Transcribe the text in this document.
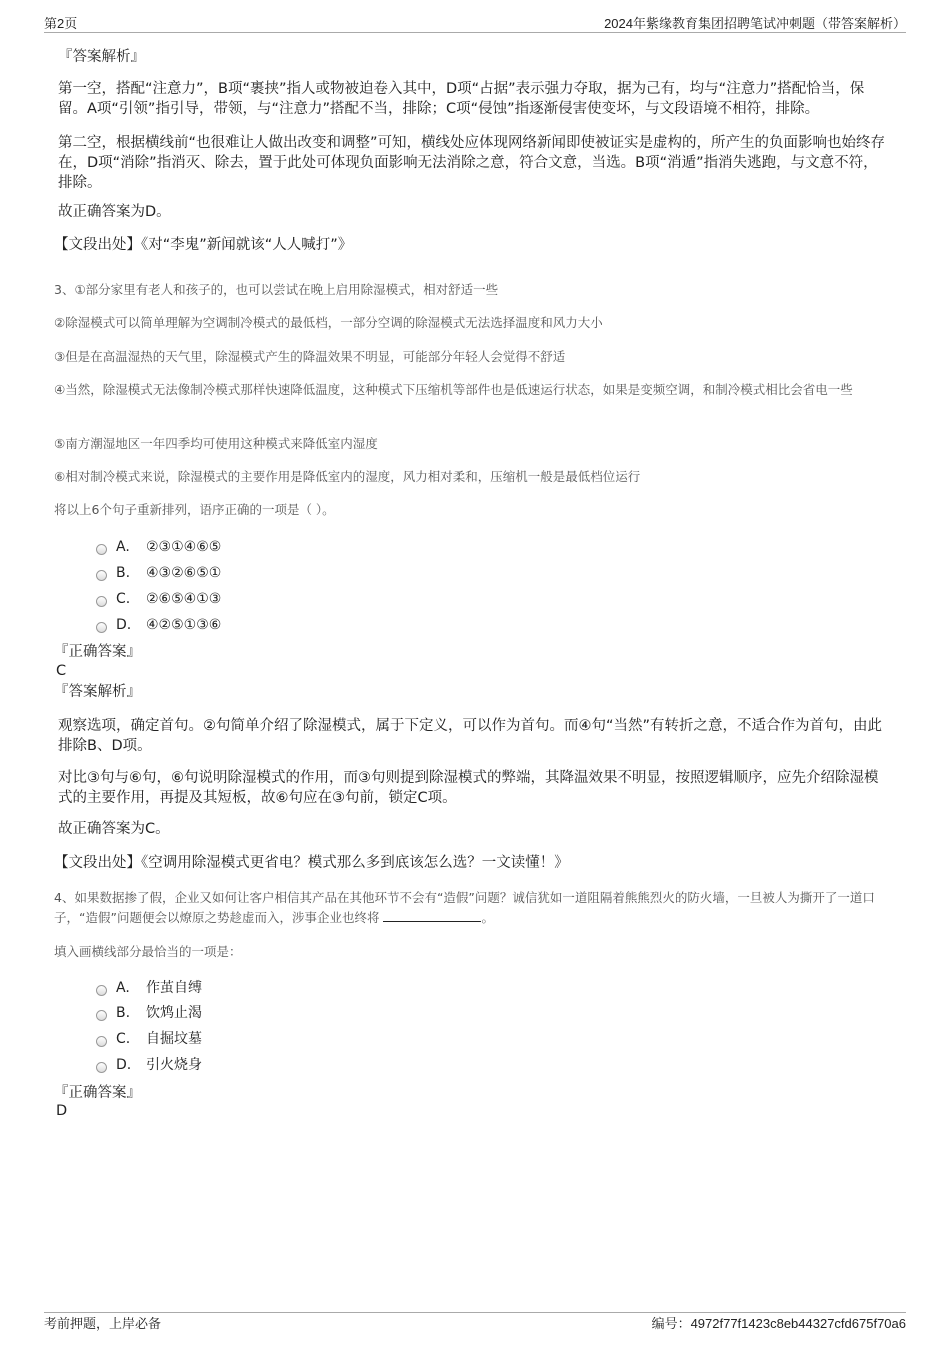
第2页	2024年紫缘教育集团招聘笔试冲刺题（带答案解析）
『答案解析』
第一空，搭配“注意力”，B项“裹挟”指人或物被迫卷入其中，D项“占据”表示强力夺取，据为己有，均与“注意力”搭配恰当，保留。A项“引领”指引导，带领，与“注意力”搭配不当，排除；C项“侵蚀”指逐渐侵害使变坏，与文段语境不相符，排除。
第二空，根据横线前“也很难让人做出改变和调整”可知，横线处应体现网络新闻即使被证实是虚构的，所产生的负面影响也始终存在，D项“消除”指消灭、除去，置于此处可体现负面影响无法消除之意，符合文意，当选。B项“消遁”指消失逃跑，与文意不符，排除。
故正确答案为D。
【文段出处】《对“李鬼”新闻就该“人人喊打”》
3、①部分家里有老人和孩子的，也可以尝试在晚上启用除湿模式，相对舒适一些
②除湿模式可以简单理解为空调制冷模式的最低档，一部分空调的除湿模式无法选择温度和风力大小
③但是在高温湿热的天气里，除湿模式产生的降温效果不明显，可能部分年轻人会觉得不舒适
④当然，除湿模式无法像制冷模式那样快速降低温度，这种模式下压缩机等部件也是低速运行状态，如果是变频空调，和制冷模式相比会省电一些
⑤南方潮湿地区一年四季均可使用这种模式来降低室内湿度
⑥相对制冷模式来说，除湿模式的主要作用是降低室内的湿度，风力相对柔和，压缩机一般是最低档位运行
将以上6个句子重新排列，语序正确的一项是（ ）。
A.	②③①④⑥⑤
B.	④③②⑥⑤①
C.	②⑥⑤④①③
D.	④②⑤①③⑥
『正确答案』
C
『答案解析』
观察选项，确定首句。②句简单介绍了除湿模式，属于下定义，可以作为首句。而④句“当然”有转折之意，不适合作为首句，由此排除B、D项。
对比③句与⑥句，⑥句说明除湿模式的作用，而③句则提到除湿模式的弊端，其降温效果不明显，按照逻辑顺序，应先介绍除湿模式的主要作用，再提及其短板，故⑥句应在③句前，锁定C项。
故正确答案为C。
【文段出处】《空调用除湿模式更省电？模式那么多到底该怎么选？一文读懂！》
4、如果数据掺了假，企业又如何让客户相信其产品在其他环节不会有“造假”问题？诚信犹如一道阻隔着熊熊烈火的防火墙，一旦被人为撕开了一道口子，“造假”问题便会以燎原之势趁虚而入，涉事企业也终将	。
填入画横线部分最恰当的一项是：
A.	作茧自缚
B.	饮鸩止渴
C.	自掘坟墓
D.	引火烧身
『正确答案』
D
考前押题，上岸必备	编号：4972f77f1423c8eb44327cfd675f70a6
